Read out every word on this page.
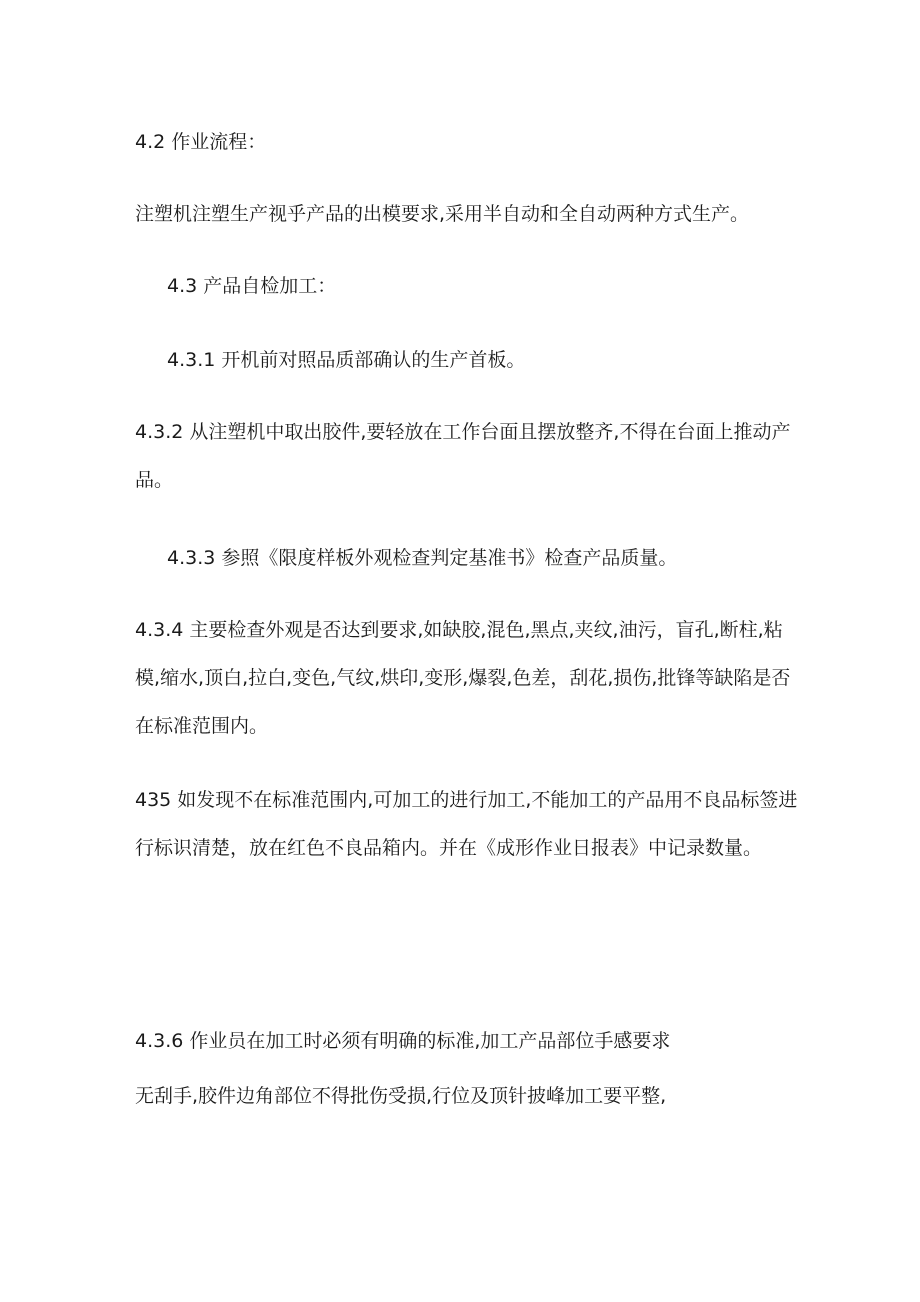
4.2 作业流程：

注塑机注塑生产视乎产品的出模要求,采用半自动和全自动两种方式生产。

4.3 产品自检加工：

4.3.1 开机前对照品质部确认的生产首板。

4.3.2 从注塑机中取出胶件,要轻放在工作台面且摆放整齐,不得在台面上推动产品。

4.3.3 参照《限度样板外观检查判定基准书》检查产品质量。

4.3.4 主要检查外观是否达到要求,如缺胶,混色,黑点,夹纹,油污，盲孔,断柱,粘模,缩水,顶白,拉白,变色,气纹,烘印,变形,爆裂,色差，刮花,损伤,批锋等缺陷是否在标准范围内。

435 如发现不在标准范围内,可加工的进行加工,不能加工的产品用不良品标签进行标识清楚，放在红色不良品箱内。并在《成形作业日报表》中记录数量。

4.3.6 作业员在加工时必须有明确的标准,加工产品部位手感要求

无刮手,胶件边角部位不得批伤受损,行位及顶针披峰加工要平整,
